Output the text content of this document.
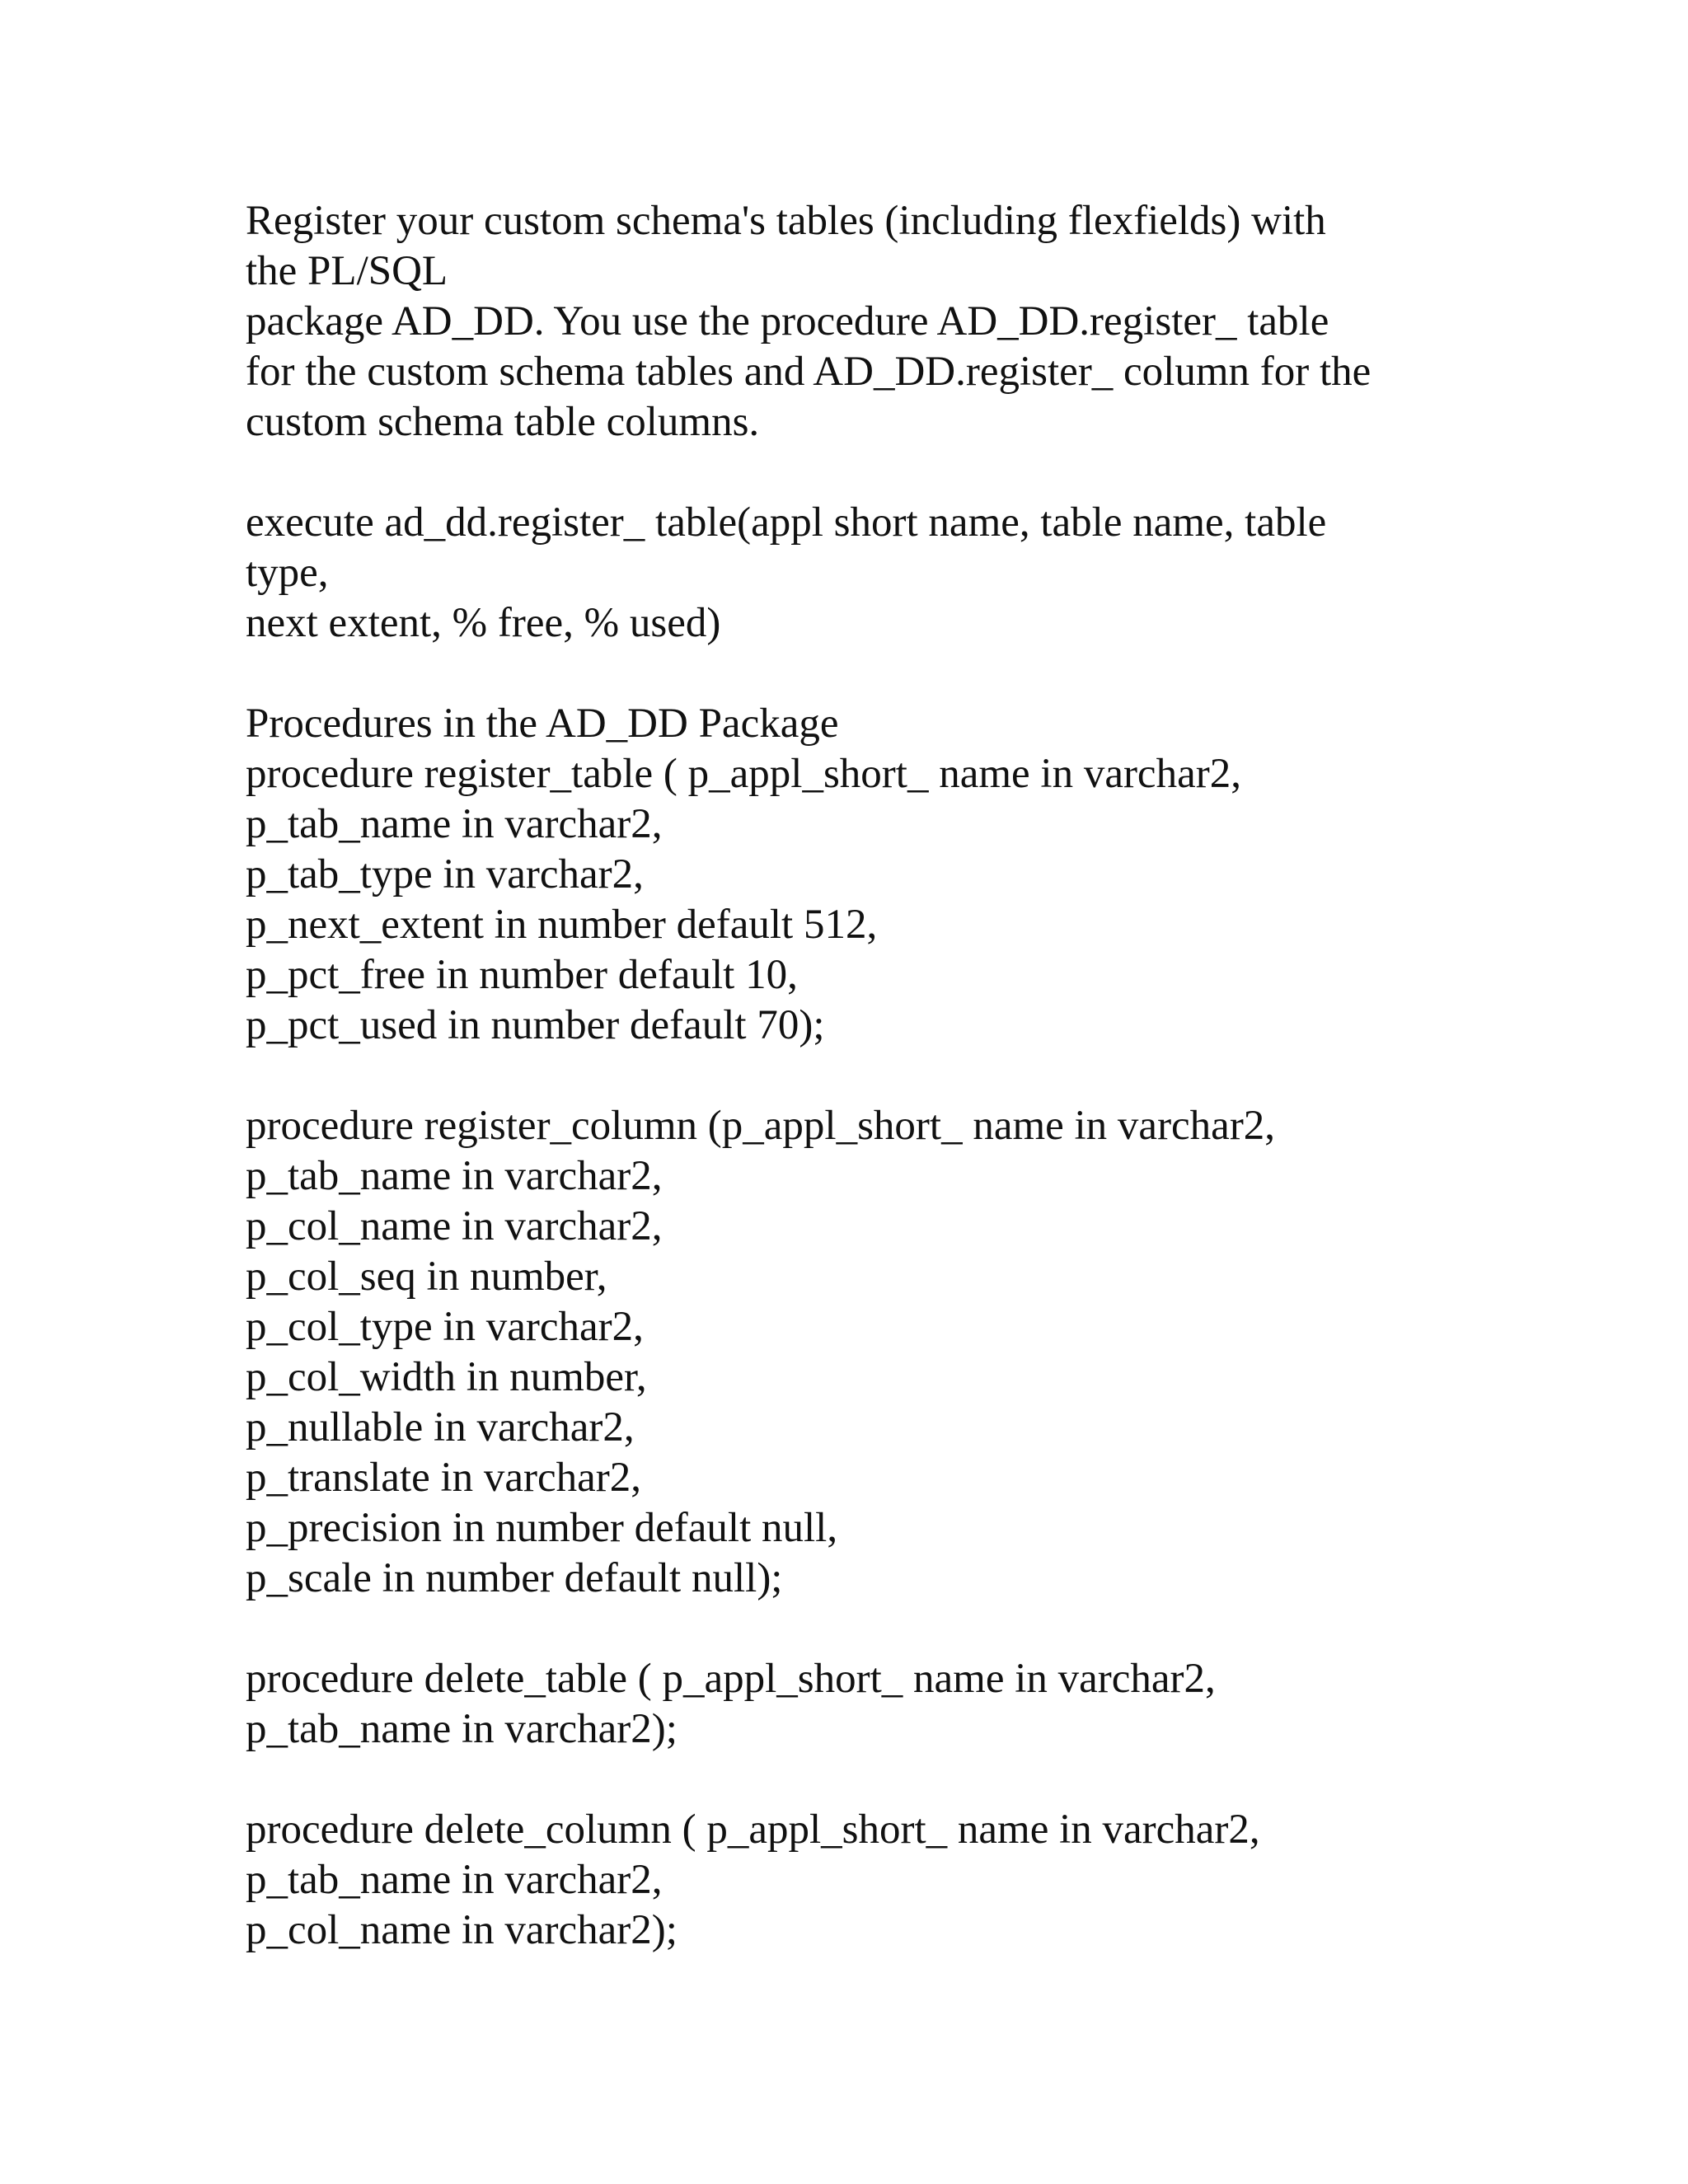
Register your custom schema's tables (including flexfields) with
the PL/SQL
package AD_DD. You use the procedure AD_DD.register_ table
for the custom schema tables and AD_DD.register_ column for the
custom schema table columns.
execute ad_dd.register_ table(appl short name, table name, table
type,
next extent, % free, % used)
Procedures in the AD_DD Package
procedure register_table ( p_appl_short_ name in varchar2,
p_tab_name in varchar2,
p_tab_type in varchar2,
p_next_extent in number default 512,
p_pct_free in number default 10,
p_pct_used in number default 70);
procedure register_column (p_appl_short_ name in varchar2,
p_tab_name in varchar2,
p_col_name in varchar2,
p_col_seq in number,
p_col_type in varchar2,
p_col_width in number,
p_nullable in varchar2,
p_translate in varchar2,
p_precision in number default null,
p_scale in number default null);
procedure delete_table ( p_appl_short_ name in varchar2,
p_tab_name in varchar2);
procedure delete_column ( p_appl_short_ name in varchar2,
p_tab_name in varchar2,
p_col_name in varchar2);
